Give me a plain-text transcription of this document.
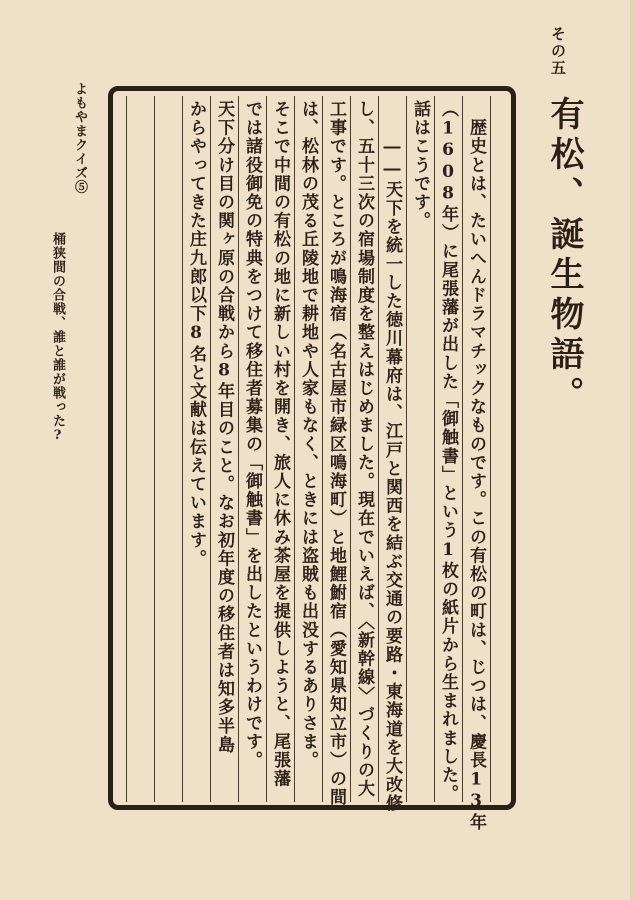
よもやまクイズ⑤
桶狭間の合戦、誰と誰が戦った?
その五
有松、誕生物語。
　歴史とは、たいへんドラマチックなものです。この有松の町は、じつは、慶長13年
（1608年）に尾張藩が出した「御触書」という1枚の紙片から生まれました。
話はこうです。
　　――天下を統一した徳川幕府は、江戸と関西を結ぶ交通の要路・東海道を大改修
し、五十三次の宿場制度を整えはじめました。現在でいえば、〈新幹線〉づくりの大
工事です。ところが鳴海宿（名古屋市緑区鳴海町）と地鯉鮒宿（愛知県知立市）の間
は、松林の茂る丘陵地で耕地や人家もなく、ときには盗賊も出没するありさま。
そこで中間の有松の地に新しい村を開き、旅人に休み茶屋を提供しようと、尾張藩
では諸役御免の特典をつけて移住者募集の「御触書」を出したというわけです。
天下分け目の関ヶ原の合戦から8年目のこと。なお初年度の移住者は知多半島
からやってきた庄九郎以下8名と文献は伝えています。
